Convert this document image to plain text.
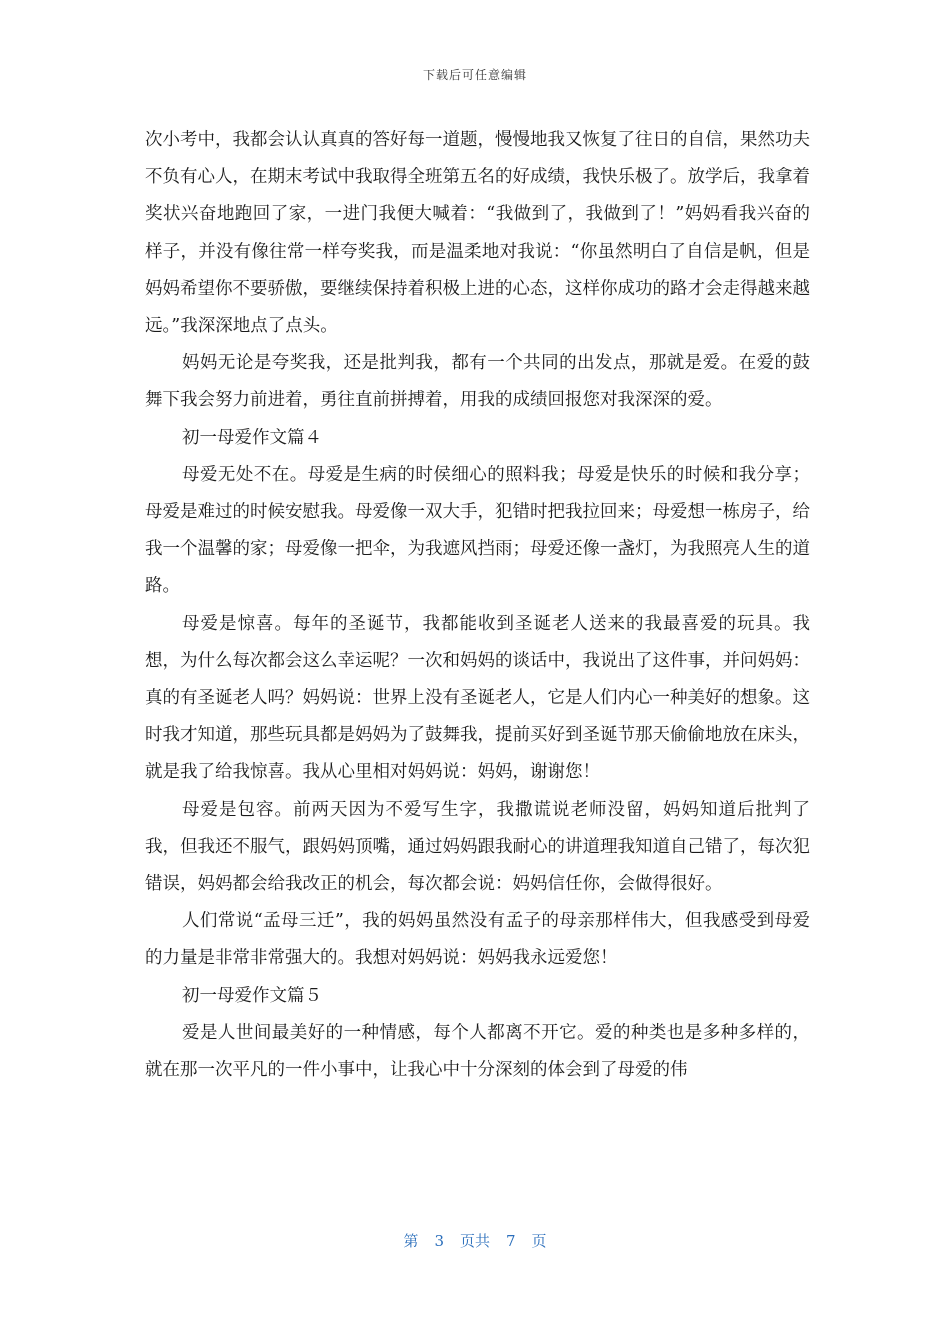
下载后可任意编辑

次小考中，我都会认认真真的答好每一道题，慢慢地我又恢复了往日的自信，果然功夫不负有心人，在期末考试中我取得全班第五名的好成绩，我快乐极了。放学后，我拿着奖状兴奋地跑回了家，一进门我便大喊着：“我做到了，我做到了！”妈妈看我兴奋的样子，并没有像往常一样夸奖我，而是温柔地对我说：“你虽然明白了自信是帆，但是妈妈希望你不要骄傲，要继续保持着积极上进的心态，这样你成功的路才会走得越来越远。”我深深地点了点头。

妈妈无论是夸奖我，还是批判我，都有一个共同的出发点，那就是爱。在爱的鼓舞下我会努力前进着，勇往直前拼搏着，用我的成绩回报您对我深深的爱。

初一母爱作文篇４

母爱无处不在。母爱是生病的时侯细心的照料我；母爱是快乐的时候和我分享；母爱是难过的时候安慰我。母爱像一双大手，犯错时把我拉回来；母爱想一栋房子，给我一个温馨的家；母爱像一把伞，为我遮风挡雨；母爱还像一盏灯，为我照亮人生的道路。

母爱是惊喜。每年的圣诞节，我都能收到圣诞老人送来的我最喜爱的玩具。我想，为什么每次都会这么幸运呢？一次和妈妈的谈话中，我说出了这件事，并问妈妈：真的有圣诞老人吗？妈妈说：世界上没有圣诞老人，它是人们内心一种美好的想象。这时我才知道，那些玩具都是妈妈为了鼓舞我，提前买好到圣诞节那天偷偷地放在床头，就是我了给我惊喜。我从心里相对妈妈说：妈妈，谢谢您！

母爱是包容。前两天因为不爱写生字，我撒谎说老师没留，妈妈知道后批判了我，但我还不服气，跟妈妈顶嘴，通过妈妈跟我耐心的讲道理我知道自己错了，每次犯错误，妈妈都会给我改正的机会，每次都会说：妈妈信任你，会做得很好。

人们常说“孟母三迁”，我的妈妈虽然没有孟子的母亲那样伟大，但我感受到母爱的力量是非常非常强大的。我想对妈妈说：妈妈我永远爱您！

初一母爱作文篇５

爱是人世间最美好的一种情感，每个人都离不开它。爱的种类也是多种多样的，就在那一次平凡的一件小事中，让我心中十分深刻的体会到了母爱的伟

第 3 页共 7 页
